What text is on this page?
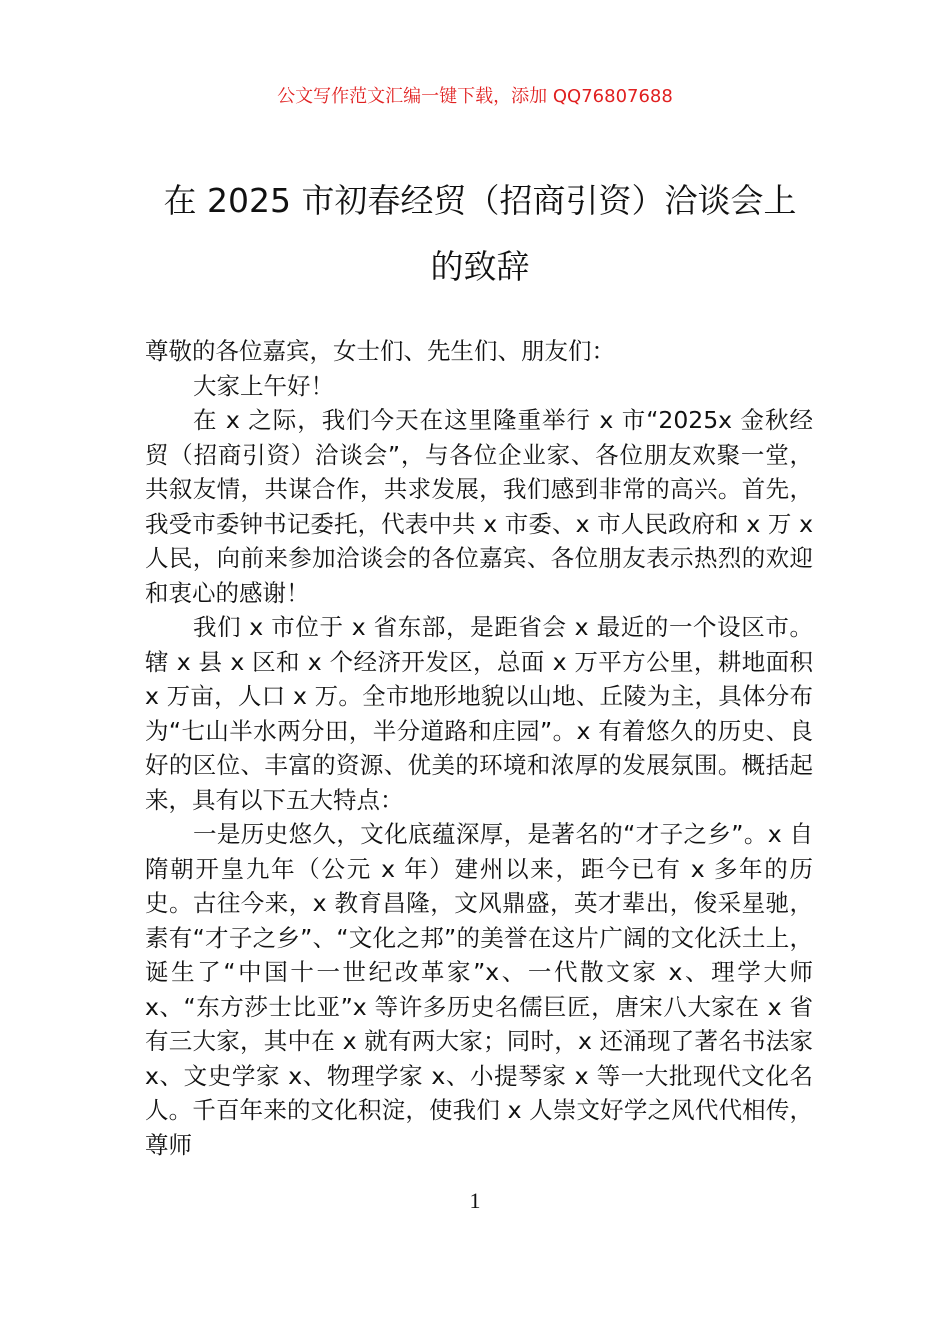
公文写作范文汇编一键下载，添加 QQ76807688
在 2025 市初春经贸（招商引资）洽谈会上
的致辞

尊敬的各位嘉宾，女士们、先生们、朋友们：

大家上午好！

在 x 之际，我们今天在这里隆重举行 x 市“2025x 金秋经贸（招商引资）洽谈会”，与各位企业家、各位朋友欢聚一堂，共叙友情，共谋合作，共求发展，我们感到非常的高兴。首先，我受市委钟书记委托，代表中共 x 市委、x 市人民政府和 x 万 x 人民，向前来参加洽谈会的各位嘉宾、各位朋友表示热烈的欢迎和衷心的感谢！

我们 x 市位于 x 省东部，是距省会 x 最近的一个设区市。辖 x 县 x 区和 x 个经济开发区，总面 x 万平方公里，耕地面积 x 万亩，人口 x 万。全市地形地貌以山地、丘陵为主，具体分布为“七山半水两分田，半分道路和庄园”。x 有着悠久的历史、良好的区位、丰富的资源、优美的环境和浓厚的发展氛围。概括起来，具有以下五大特点：

一是历史悠久，文化底蕴深厚，是著名的“才子之乡”。x 自隋朝开皇九年（公元 x 年）建州以来，距今已有 x 多年的历史。古往今来，x 教育昌隆，文风鼎盛，英才辈出，俊采星驰，素有“才子之乡”、“文化之邦”的美誉在这片广阔的文化沃土上，诞生了“中国十一世纪改革家”x、一代散文家 x、理学大师 x、“东方莎士比亚”x 等许多历史名儒巨匠，唐宋八大家在 x 省有三大家，其中在 x 就有两大家；同时，x 还涌现了著名书法家 x、文史学家 x、物理学家 x、小提琴家 x 等一大批现代文化名人。千百年来的文化积淀，使我们 x 人崇文好学之风代代相传，尊师

1
